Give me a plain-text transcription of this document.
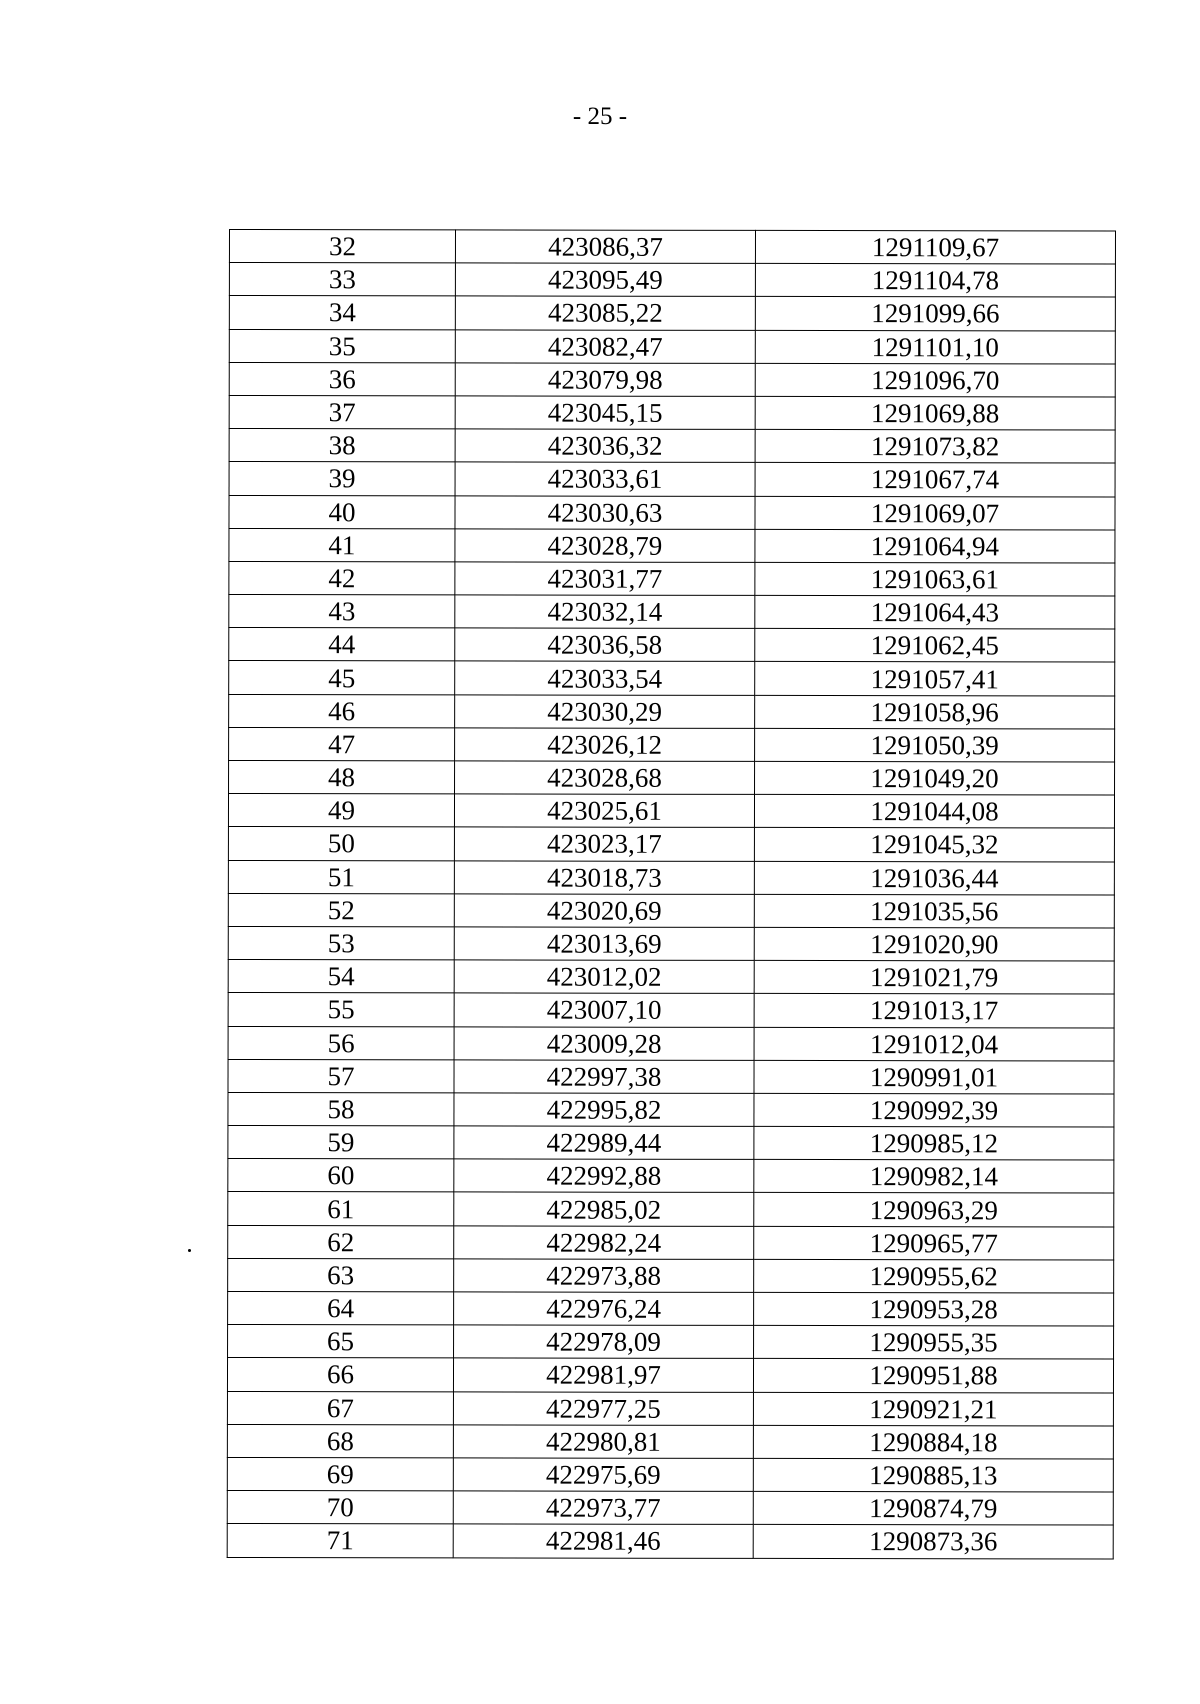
- 25 -
32	423086,37	1291109,67
33	423095,49	1291104,78
34	423085,22	1291099,66
35	423082,47	1291101,10
36	423079,98	1291096,70
37	423045,15	1291069,88
38	423036,32	1291073,82
39	423033,61	1291067,74
40	423030,63	1291069,07
41	423028,79	1291064,94
42	423031,77	1291063,61
43	423032,14	1291064,43
44	423036,58	1291062,45
45	423033,54	1291057,41
46	423030,29	1291058,96
47	423026,12	1291050,39
48	423028,68	1291049,20
49	423025,61	1291044,08
50	423023,17	1291045,32
51	423018,73	1291036,44
52	423020,69	1291035,56
53	423013,69	1291020,90
54	423012,02	1291021,79
55	423007,10	1291013,17
56	423009,28	1291012,04
57	422997,38	1290991,01
58	422995,82	1290992,39
59	422989,44	1290985,12
60	422992,88	1290982,14
61	422985,02	1290963,29
62	422982,24	1290965,77
63	422973,88	1290955,62
64	422976,24	1290953,28
65	422978,09	1290955,35
66	422981,97	1290951,88
67	422977,25	1290921,21
68	422980,81	1290884,18
69	422975,69	1290885,13
70	422973,77	1290874,79
71	422981,46	1290873,36
